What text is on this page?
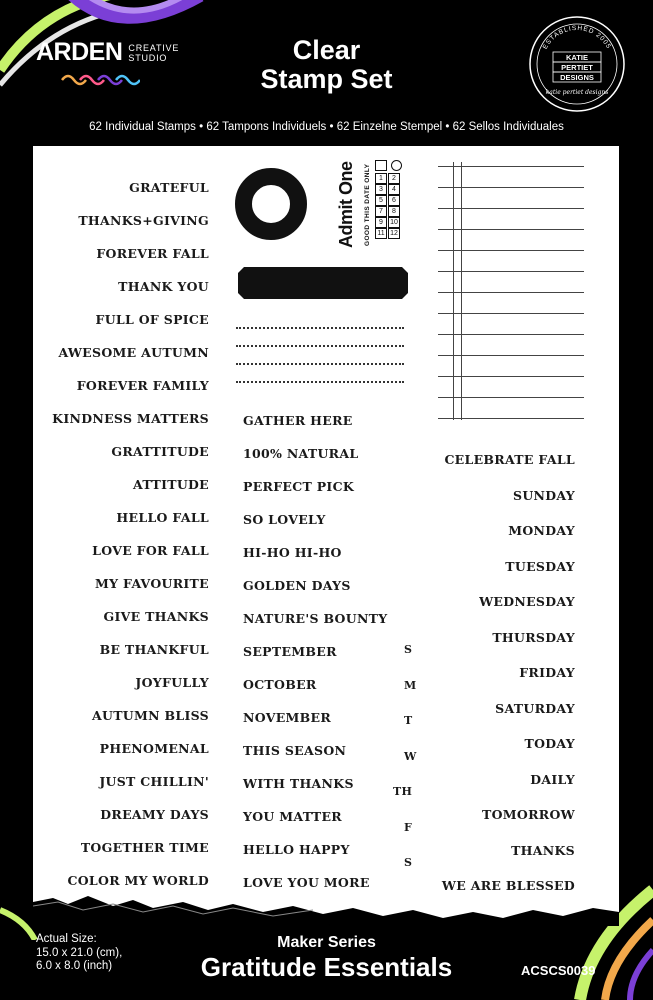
ARDEN CREATIVE
STUDIO	Clear
Stamp Set
ESTABLISHED 2005
KATIE
PERTIET
DESIGNS
katie pertiet designs
62 Individual Stamps • 62 Tampons Individuels • 62 Einzelne Stempel • 62 Sellos Individuales
GRATEFUL
THANKS+GIVING
FOREVER FALL
THANK YOU
FULL OF SPICE
AWESOME AUTUMN
FOREVER FAMILY
KINDNESS MATTERS
GRATTITUDE
ATTITUDE
HELLO FALL
LOVE FOR FALL
MY FAVOURITE
GIVE THANKS
BE THANKFUL
JOYFULLY
AUTUMN BLISS
PHENOMENAL
JUST CHILLIN'
DREAMY DAYS
TOGETHER TIME
COLOR MY WORLD
GATHER HERE
100% NATURAL
PERFECT PICK
SO LOVELY
HI-HO HI-HO
GOLDEN DAYS
NATURE'S BOUNTY
SEPTEMBER
OCTOBER
NOVEMBER
THIS SEASON
WITH THANKS
YOU MATTER
HELLO HAPPY
LOVE YOU MORE
S
M
T
W
TH
F
S
CELEBRATE FALL
SUNDAY
MONDAY
TUESDAY
WEDNESDAY
THURSDAY
FRIDAY
SATURDAY
TODAY
DAILY
TOMORROW
THANKS
WE ARE BLESSED
Admit One GOOD THIS DATE ONLY	1	2
3	4
5	6
7	8
9	10
11 12
Actual Size:
15.0 x 21.0 (cm),
6.0 x 8.0 (inch)
Maker Series
Gratitude Essentials	ACSCS0039
